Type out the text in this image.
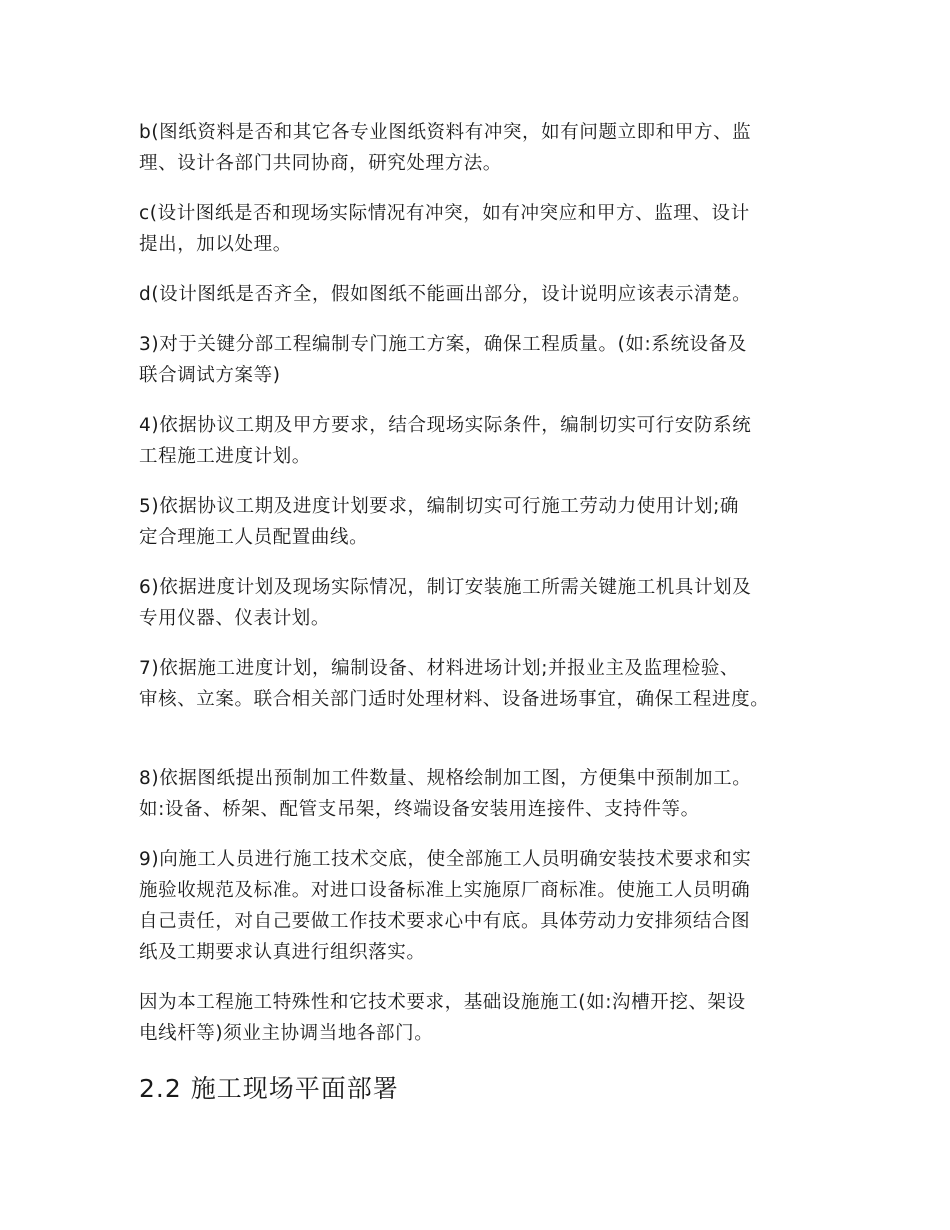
b(图纸资料是否和其它各专业图纸资料有冲突，如有问题立即和甲方、监
理、设计各部门共同协商，研究处理方法。
c(设计图纸是否和现场实际情况有冲突，如有冲突应和甲方、监理、设计
提出，加以处理。
d(设计图纸是否齐全，假如图纸不能画出部分，设计说明应该表示清楚。
3)对于关键分部工程编制专门施工方案，确保工程质量。(如:系统设备及
联合调试方案等)
4)依据协议工期及甲方要求，结合现场实际条件，编制切实可行安防系统
工程施工进度计划。
5)依据协议工期及进度计划要求，编制切实可行施工劳动力使用计划;确
定合理施工人员配置曲线。
6)依据进度计划及现场实际情况，制订安装施工所需关键施工机具计划及
专用仪器、仪表计划。
7)依据施工进度计划，编制设备、材料进场计划;并报业主及监理检验、
审核、立案。联合相关部门适时处理材料、设备进场事宜，确保工程进度。
8)依据图纸提出预制加工件数量、规格绘制加工图，方便集中预制加工。
如:设备、桥架、配管支吊架，终端设备安装用连接件、支持件等。
9)向施工人员进行施工技术交底，使全部施工人员明确安装技术要求和实
施验收规范及标准。对进口设备标准上实施原厂商标准。使施工人员明确
自己责任，对自己要做工作技术要求心中有底。具体劳动力安排须结合图
纸及工期要求认真进行组织落实。
因为本工程施工特殊性和它技术要求，基础设施施工(如:沟槽开挖、架设
电线杆等)须业主协调当地各部门。
2.2 施工现场平面部署
